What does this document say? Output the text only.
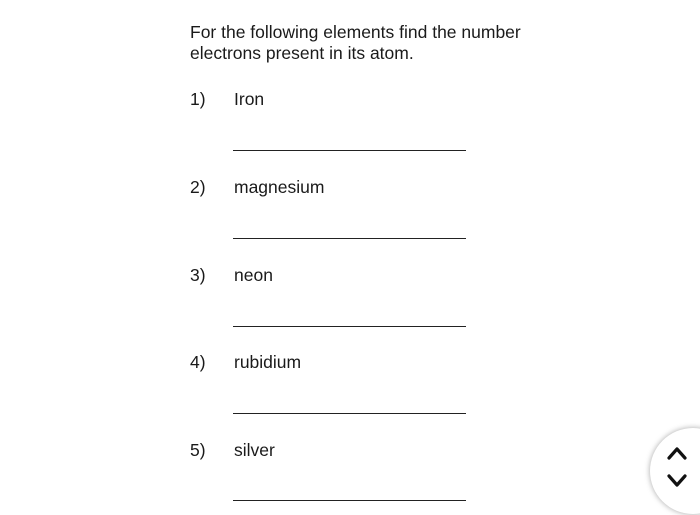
For the following elements find the number electrons present in its atom.

1) Iron
2) magnesium
3) neon
4) rubidium
5) silver
